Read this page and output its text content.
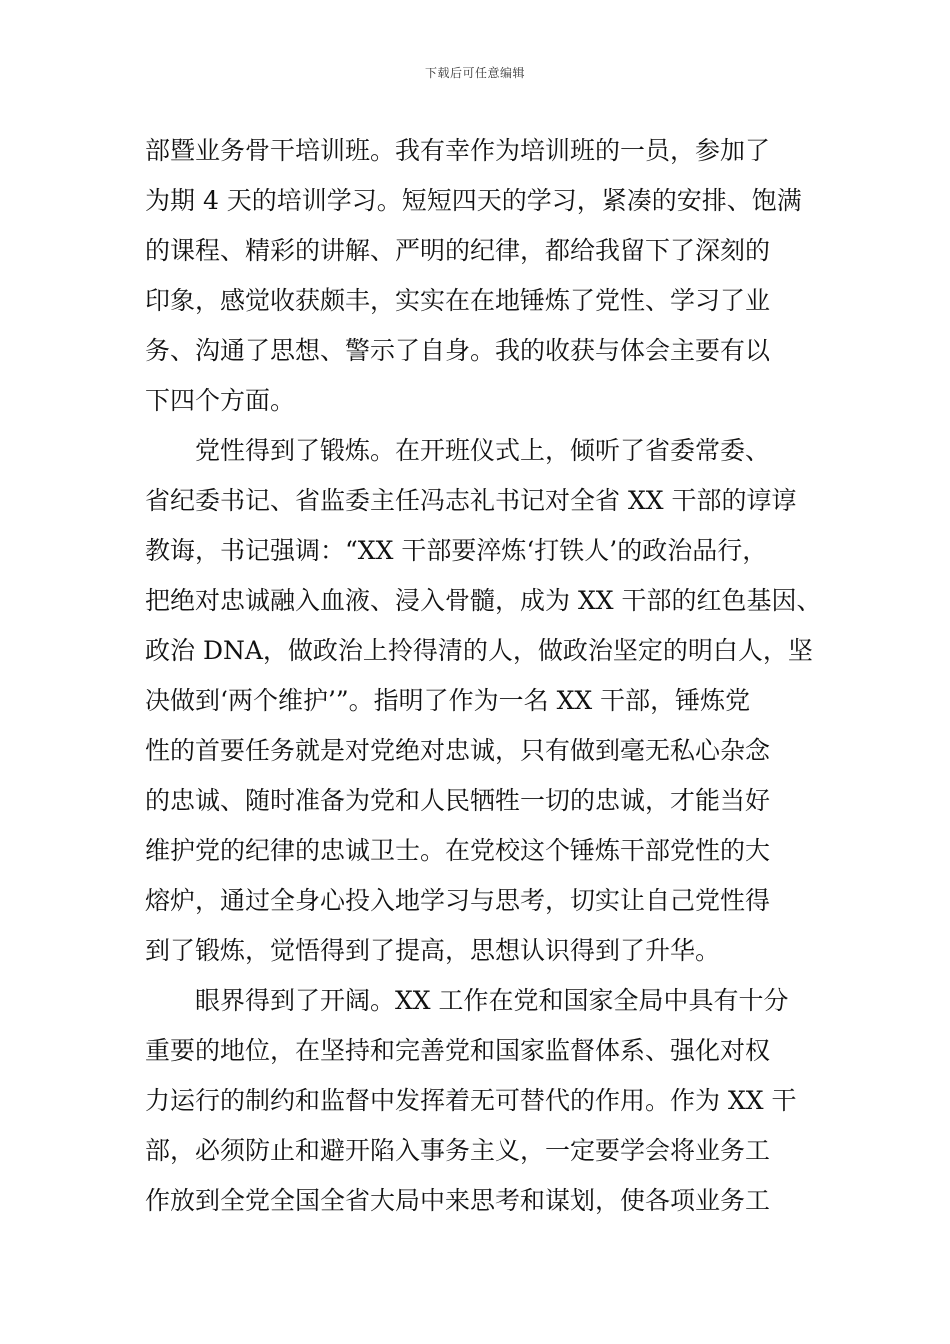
下载后可任意编辑
部暨业务骨干培训班。我有幸作为培训班的一员，参加了
为期 4 天的培训学习。短短四天的学习，紧凑的安排、饱满
的课程、精彩的讲解、严明的纪律，都给我留下了深刻的
印象，感觉收获颇丰，实实在在地锤炼了党性、学习了业
务、沟通了思想、警示了自身。我的收获与体会主要有以
下四个方面。
　　党性得到了锻炼。在开班仪式上，倾听了省委常委、
省纪委书记、省监委主任冯志礼书记对全省 XX 干部的谆谆
教诲，书记强调：“XX 干部要淬炼‘打铁人’的政治品行，
把绝对忠诚融入血液、浸入骨髓，成为 XX 干部的红色基因、
政治 DNA，做政治上拎得清的人，做政治坚定的明白人，坚
决做到‘两个维护’”。指明了作为一名 XX 干部，锤炼党
性的首要任务就是对党绝对忠诚，只有做到毫无私心杂念
的忠诚、随时准备为党和人民牺牲一切的忠诚，才能当好
维护党的纪律的忠诚卫士。在党校这个锤炼干部党性的大
熔炉，通过全身心投入地学习与思考，切实让自己党性得
到了锻炼，觉悟得到了提高，思想认识得到了升华。
　　眼界得到了开阔。XX 工作在党和国家全局中具有十分
重要的地位，在坚持和完善党和国家监督体系、强化对权
力运行的制约和监督中发挥着无可替代的作用。作为 XX 干
部，必须防止和避开陷入事务主义，一定要学会将业务工
作放到全党全国全省大局中来思考和谋划，使各项业务工
